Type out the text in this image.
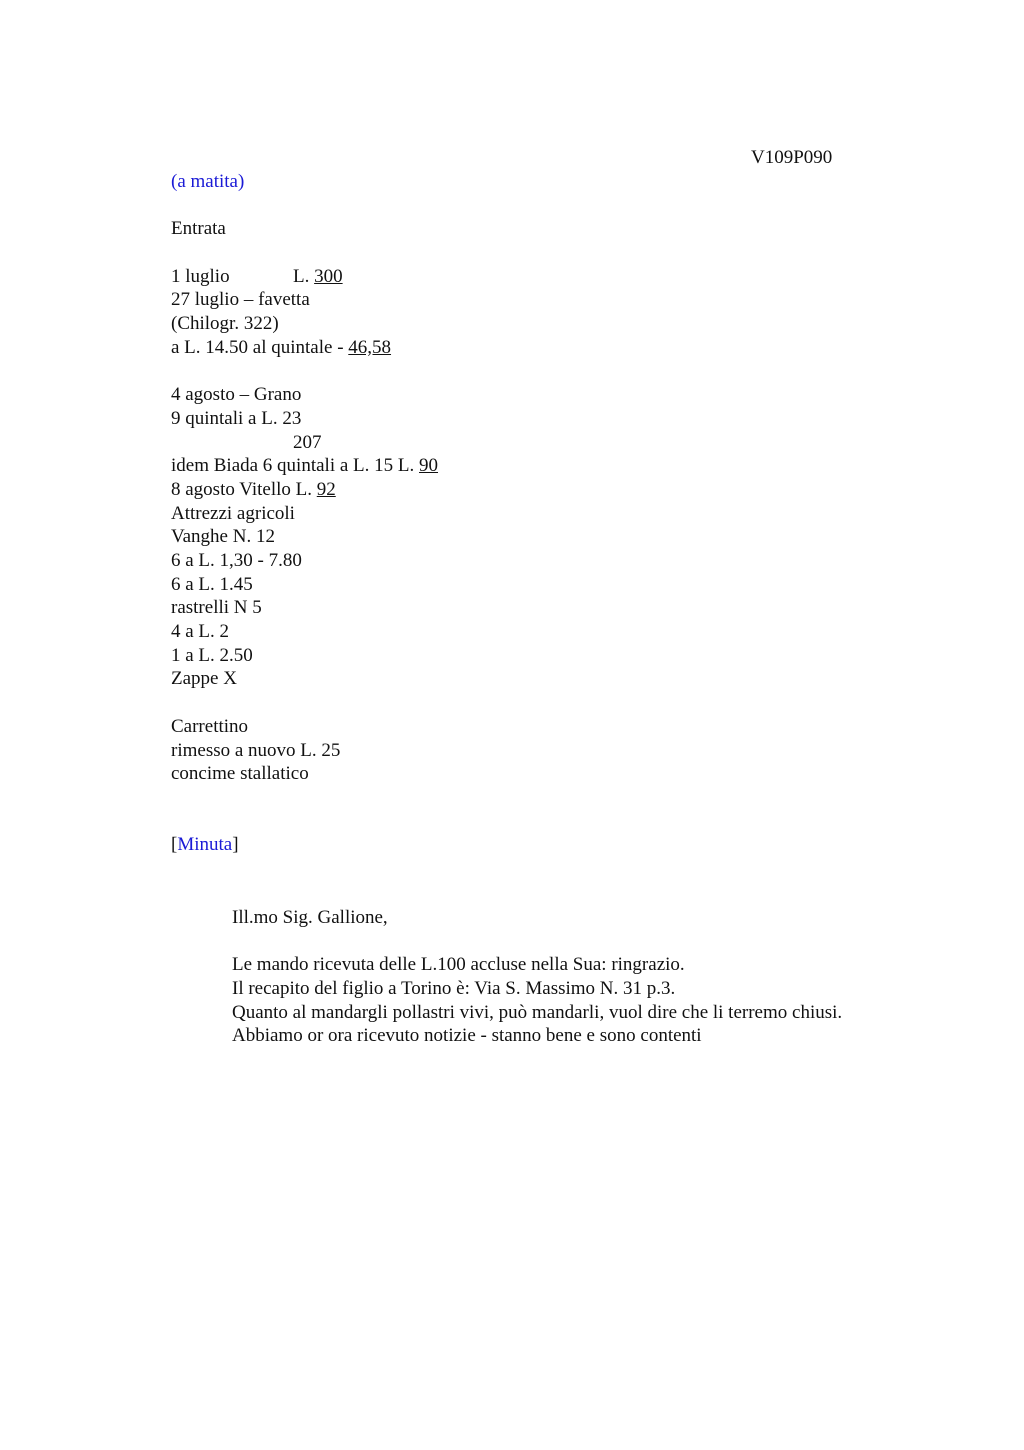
V109P090
(a matita)
Entrata
1 luglio	L. 300
27 luglio – favetta
(Chilogr. 322)
a L. 14.50 al quintale - 46,58
4 agosto – Grano
9 quintali a L. 23
207
idem Biada 6 quintali a L. 15 L. 90
8 agosto Vitello L. 92
Attrezzi agricoli
Vanghe N. 12
6 a L. 1,30 - 7.80
6 a L. 1.45
rastrelli N 5
4 a L. 2
1 a L. 2.50
Zappe X
Carrettino
rimesso a nuovo L. 25
concime stallatico
[Minuta]
Ill.mo Sig. Gallione,
Le mando ricevuta delle L.100 accluse nella Sua: ringrazio.
Il recapito del figlio a Torino è: Via S. Massimo N. 31 p.3.
Quanto al mandargli pollastri vivi, può mandarli, vuol dire che li terremo chiusi.
Abbiamo or ora ricevuto notizie - stanno bene e sono contenti
